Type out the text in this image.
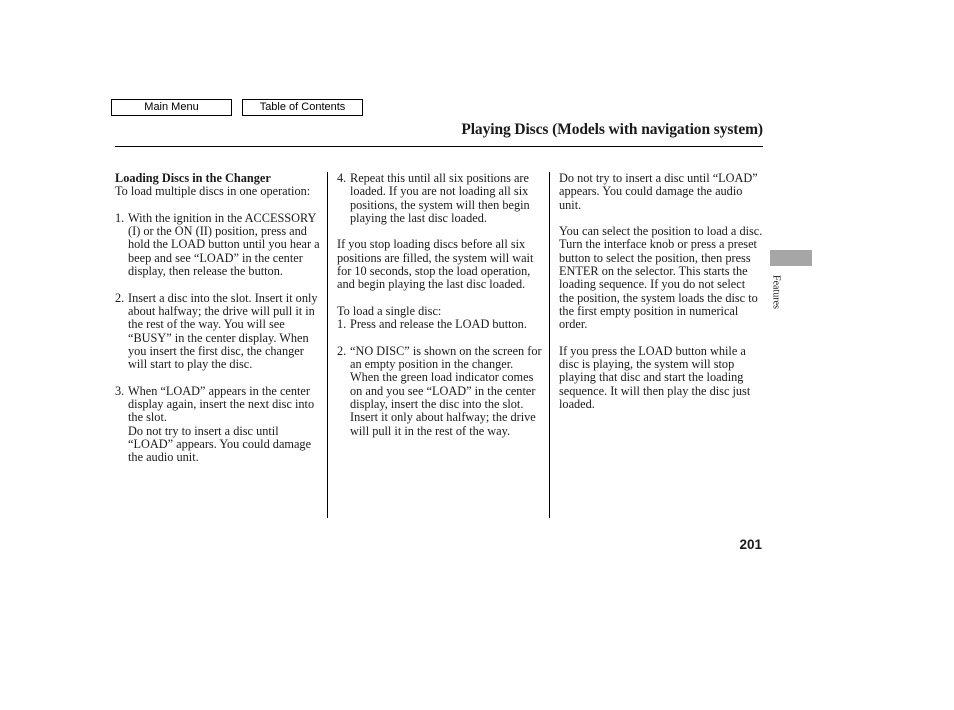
Main Menu	Table of Contents
Playing Discs (Models with navigation system)
Loading Discs in the Changer

To load multiple discs in one operation:

1. With the ignition in the ACCESSORY (I) or the ON (II) position, press and hold the LOAD button until you hear a beep and see “LOAD” in the center display, then release the button.
2. Insert a disc into the slot. Insert it only about halfway; the drive will pull it in the rest of the way. You will see “BUSY” in the center display. When you insert the first disc, the changer will start to play the disc.
3. When “LOAD” appears in the center display again, insert the next disc into the slot.
Do not try to insert a disc until “LOAD” appears. You could damage the audio unit.
4. Repeat this until all six positions are loaded. If you are not loading all six positions, the system will then begin playing the last disc loaded.

If you stop loading discs before all six positions are filled, the system will wait for 10 seconds, stop the load operation, and begin playing the last disc loaded.

To load a single disc:

1. Press and release the LOAD button.
2. “NO DISC” is shown on the screen for an empty position in the changer. When the green load indicator comes on and you see “LOAD” in the center display, insert the disc into the slot. Insert it only about halfway; the drive will pull it in the rest of the way.

Do not try to insert a disc until “LOAD” appears. You could damage the audio unit.

You can select the position to load a disc. Turn the interface knob or press a preset button to select the position, then press ENTER on the selector. This starts the loading sequence. If you do not select the position, the system loads the disc to the first empty position in numerical order.

If you press the LOAD button while a disc is playing, the system will stop playing that disc and start the loading sequence. It will then play the disc just loaded.

Features
201
